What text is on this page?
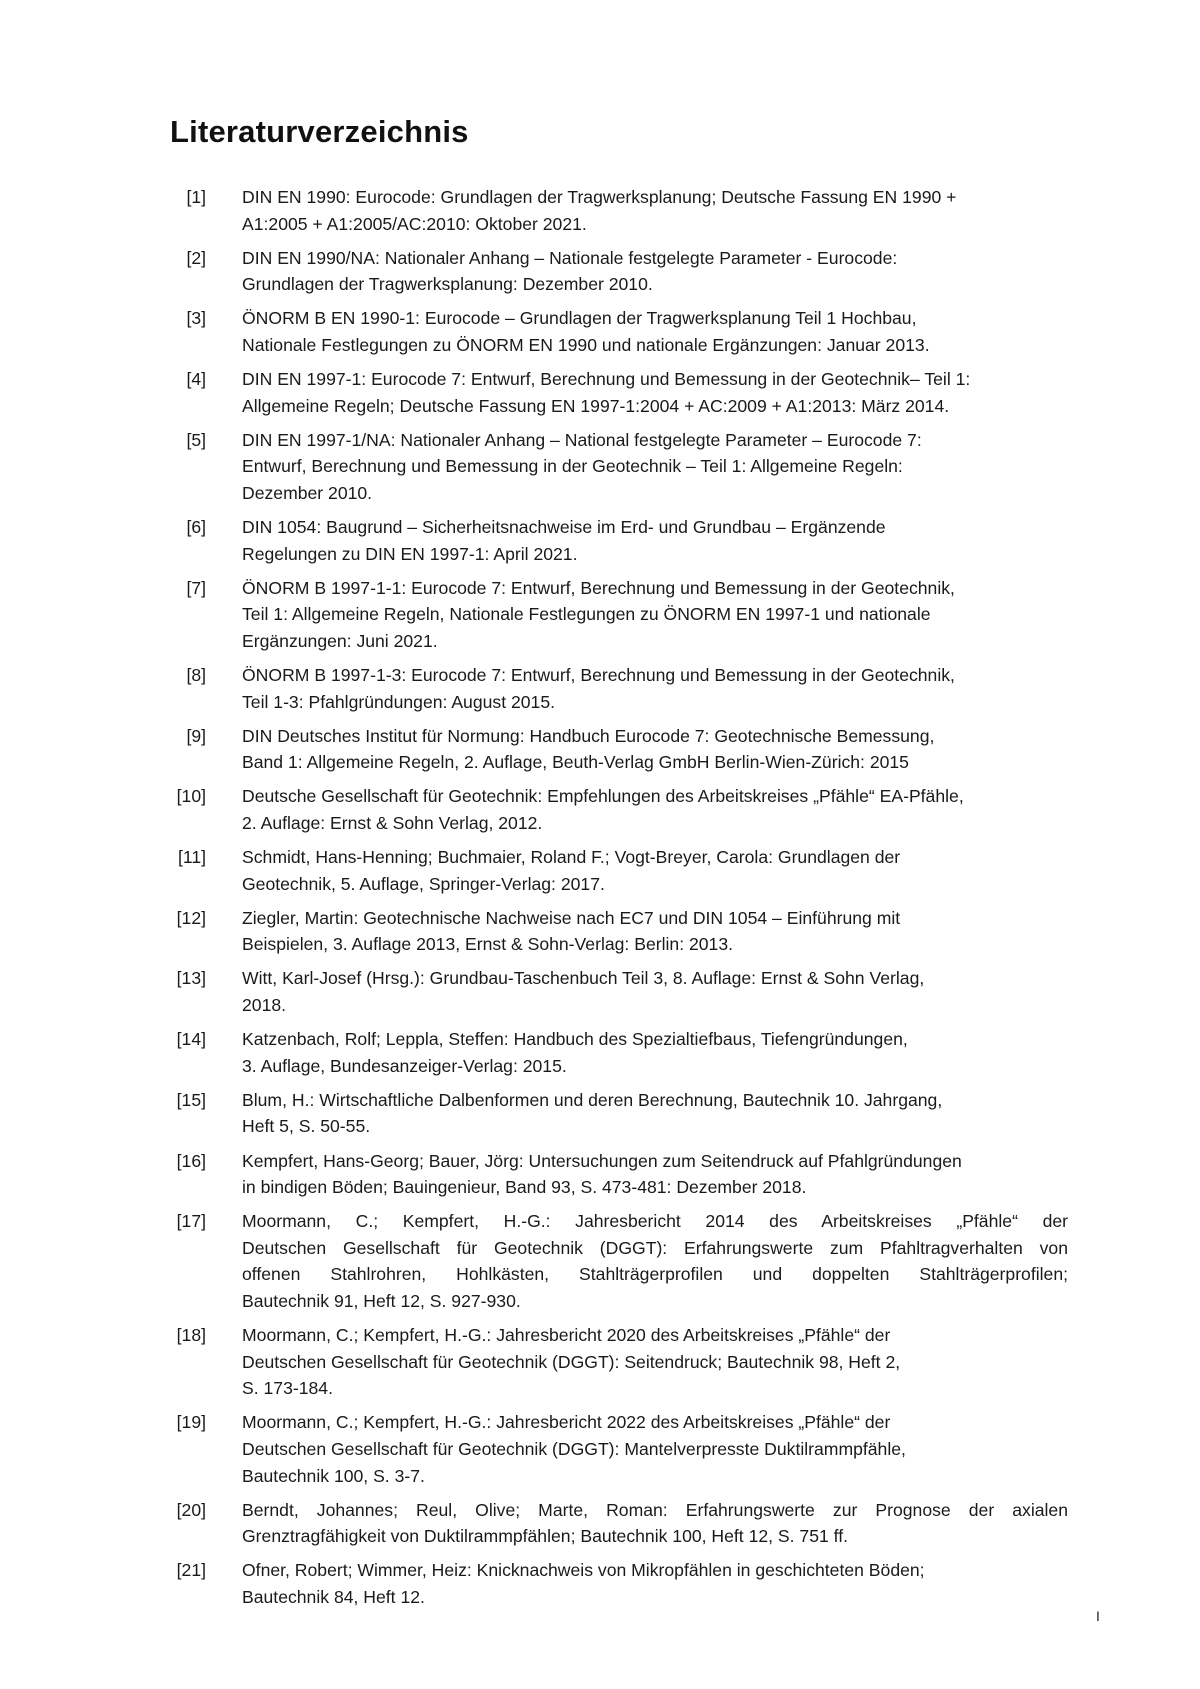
Literaturverzeichnis
[1] DIN EN 1990: Eurocode: Grundlagen der Tragwerksplanung; Deutsche Fassung EN 1990 +
A1:2005 + A1:2005/AC:2010: Oktober 2021.
[2] DIN EN 1990/NA: Nationaler Anhang – Nationale festgelegte Parameter - Eurocode:
Grundlagen der Tragwerksplanung: Dezember 2010.
[3] ÖNORM B EN 1990-1: Eurocode – Grundlagen der Tragwerksplanung Teil 1 Hochbau,
Nationale Festlegungen zu ÖNORM EN 1990 und nationale Ergänzungen: Januar 2013.
[4] DIN EN 1997-1: Eurocode 7: Entwurf, Berechnung und Bemessung in der Geotechnik– Teil 1:
Allgemeine Regeln; Deutsche Fassung EN 1997-1:2004 + AC:2009 + A1:2013: März 2014.
[5] DIN EN 1997-1/NA: Nationaler Anhang – National festgelegte Parameter – Eurocode 7:
Entwurf, Berechnung und Bemessung in der Geotechnik – Teil 1: Allgemeine Regeln:
Dezember 2010.
[6] DIN 1054: Baugrund – Sicherheitsnachweise im Erd- und Grundbau – Ergänzende
Regelungen zu DIN EN 1997-1: April 2021.
[7] ÖNORM B 1997-1-1: Eurocode 7: Entwurf, Berechnung und Bemessung in der Geotechnik,
Teil 1: Allgemeine Regeln, Nationale Festlegungen zu ÖNORM EN 1997-1 und nationale
Ergänzungen: Juni 2021.
[8] ÖNORM B 1997-1-3: Eurocode 7: Entwurf, Berechnung und Bemessung in der Geotechnik,
Teil 1-3: Pfahlgründungen: August 2015.
[9] DIN Deutsches Institut für Normung: Handbuch Eurocode 7: Geotechnische Bemessung,
Band 1: Allgemeine Regeln, 2. Auflage, Beuth-Verlag GmbH Berlin-Wien-Zürich: 2015
[10] Deutsche Gesellschaft für Geotechnik: Empfehlungen des Arbeitskreises „Pfähle“ EA-Pfähle,
2. Auflage: Ernst & Sohn Verlag, 2012.
[11] Schmidt, Hans-Henning; Buchmaier, Roland F.; Vogt-Breyer, Carola: Grundlagen der
Geotechnik, 5. Auflage, Springer-Verlag: 2017.
[12] Ziegler, Martin: Geotechnische Nachweise nach EC7 und DIN 1054 – Einführung mit
Beispielen, 3. Auflage 2013, Ernst & Sohn-Verlag: Berlin: 2013.
[13] Witt, Karl-Josef (Hrsg.): Grundbau-Taschenbuch Teil 3, 8. Auflage: Ernst & Sohn Verlag,
2018.
[14] Katzenbach, Rolf; Leppla, Steffen: Handbuch des Spezialtiefbaus, Tiefengründungen,
3. Auflage, Bundesanzeiger-Verlag: 2015.
[15] Blum, H.: Wirtschaftliche Dalbenformen und deren Berechnung, Bautechnik 10. Jahrgang,
Heft 5, S. 50-55.
[16] Kempfert, Hans-Georg; Bauer, Jörg: Untersuchungen zum Seitendruck auf Pfahlgründungen
in bindigen Böden; Bauingenieur, Band 93, S. 473-481: Dezember 2018.
[17] Moormann, C.; Kempfert, H.-G.: Jahresbericht 2014 des Arbeitskreises „Pfähle“ der
Deutschen Gesellschaft für Geotechnik (DGGT): Erfahrungswerte zum Pfahltragverhalten von
offenen Stahlrohren, Hohlkästen, Stahlträgerprofilen und doppelten Stahlträgerprofilen;
Bautechnik 91, Heft 12, S. 927-930.
[18] Moormann, C.; Kempfert, H.-G.: Jahresbericht 2020 des Arbeitskreises „Pfähle“ der
Deutschen Gesellschaft für Geotechnik (DGGT): Seitendruck; Bautechnik 98, Heft 2,
S. 173-184.
[19] Moormann, C.; Kempfert, H.-G.: Jahresbericht 2022 des Arbeitskreises „Pfähle“ der
Deutschen Gesellschaft für Geotechnik (DGGT): Mantelverpresste Duktilrammpfähle,
Bautechnik 100, S. 3-7.
[20] Berndt, Johannes; Reul, Olive; Marte, Roman: Erfahrungswerte zur Prognose der axialen
Grenztragfähigkeit von Duktilrammpfählen; Bautechnik 100, Heft 12, S. 751 ff.
[21] Ofner, Robert; Wimmer, Heiz: Knicknachweis von Mikropfählen in geschichteten Böden;
Bautechnik 84, Heft 12.
I
